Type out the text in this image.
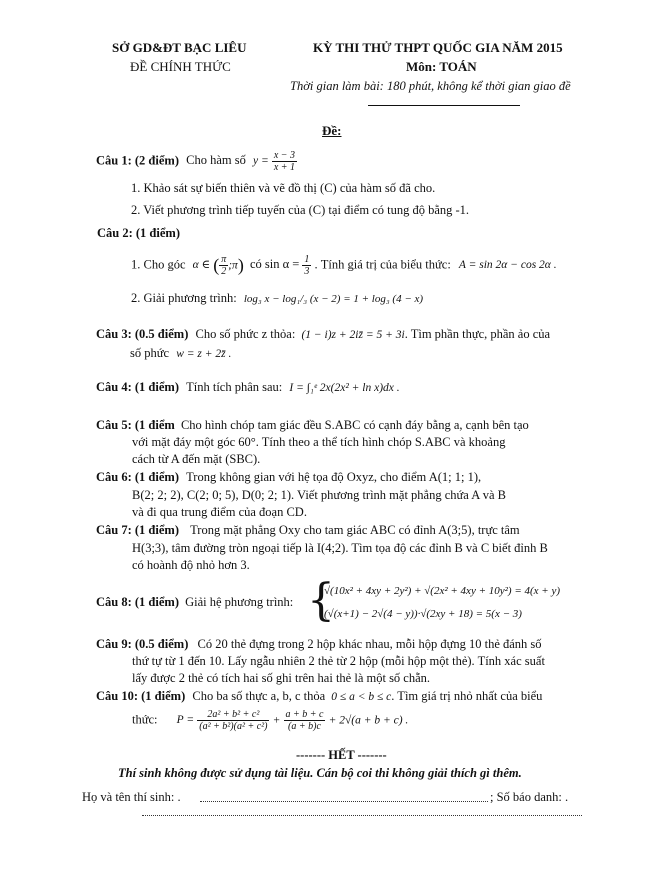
SỞ GD&ĐT BẠC LIÊU
ĐỀ CHÍNH THỨC
KỲ THI THỬ THPT QUỐC GIA NĂM 2015
Môn: TOÁN
Thời gian làm bài: 180 phút, không kể thời gian giao đề
Đề:
Câu 1: (2 điểm) Cho hàm số $y = \frac{x - 3}{x + 1}$
1. Khảo sát sự biến thiên và vẽ đồ thị (C) của hàm số đã cho.
2. Viết phương trình tiếp tuyến của (C) tại điểm có tung độ bằng -1.
Câu 2: (1 điểm)
1. Cho góc α ∈ ( $\frac{\pi}{2}$ ;π) có $\sin \alpha = \frac{1}{3}$ . Tính giá trị của biểu thức: A = sin 2α − cos 2α .
2. Giải phương trình: log₃ x − log₁/₃ (x − 2) = 1 + log₃ (4 − x)
Câu 3: (0.5 điểm) Cho số phức z thỏa: (1 − i)z + 2iz̄ = 5 + 3i. Tìm phần thực, phần ảo của
số phức w = z + 2z̄ .
Câu 4: (1 điểm) Tính tích phân sau: I = ∫₁ᵉ 2x(2x² + ln x)dx .
Câu 5: (1 điểm Cho hình chóp tam giác đều S.ABC có cạnh đáy bằng a, cạnh bên tạo
với mặt đáy một góc 60°. Tính theo a thể tích hình chóp S.ABC và khoảng
cách từ A đến mặt (SBC).
Câu 6: (1 điểm) Trong không gian với hệ tọa độ Oxyz, cho điểm A(1; 1; 1),
B(2; 2; 2), C(2; 0; 5), D(0; 2; 1). Viết phương trình mặt phẳng chứa A và B
và đi qua trung điểm của đoạn CD.
Câu 7: (1 điểm) Trong mặt phẳng Oxy cho tam giác ABC có đỉnh A(3;5), trực tâm
H(3;3), tâm đường tròn ngoại tiếp là I(4;2). Tìm tọa độ các đỉnh B và C biết đỉnh B
có hoành độ nhỏ hơn 3.
Câu 8: (1 điểm) Giải hệ phương trình: {
√(10x² + 4xy + 2y²) + √(2x² + 4xy + 10y²) = 4(x + y)
(√(x+1) − 2√(4 − y))·√(2xy + 18) = 5(x − 3)
Câu 9: (0.5 điểm) Có 20 thẻ đựng trong 2 hộp khác nhau, mỗi hộp đựng 10 thẻ đánh số
thứ tự từ 1 đến 10. Lấy ngẫu nhiên 2 thẻ từ 2 hộp (mỗi hộp một thẻ). Tính xác suất
lấy được 2 thẻ có tích hai số ghi trên hai thẻ là một số chẵn.
Câu 10: (1 điểm) Cho ba số thực a, b, c thỏa 0 ≤ a < b ≤ c. Tìm giá trị nhỏ nhất của biểu
thức: $P = \frac{\text{2a² + b² + c²}}{\text{(a² + b²)(a² + c²)}} + \frac{a + b + c}{(a + b)c} + 2√(a + b + c)$ .
------- HẾT -------
Thí sinh không được sử dụng tài liệu. Cán bộ coi thi không giải thích gì thêm.
Họ và tên thí sinh: .	; Số báo danh: .
